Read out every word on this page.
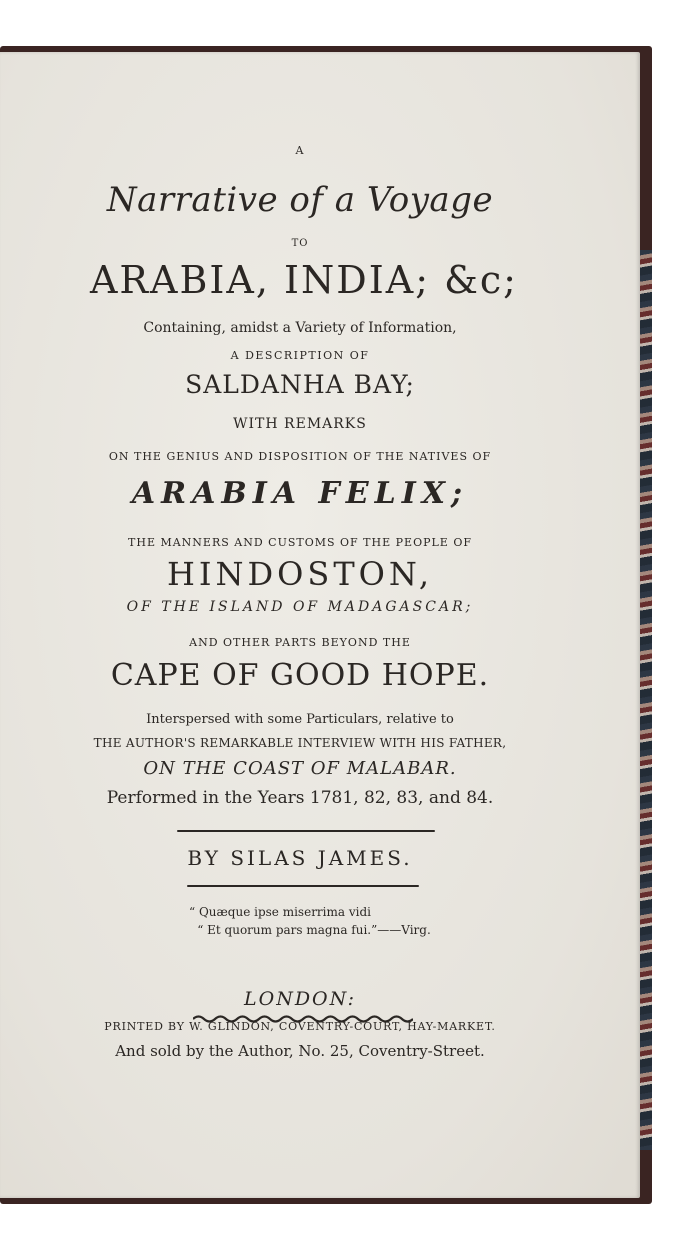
A
Narrative of a Voyage
TO
ARABIA, INDIA; &c;
Containing, amidst a Variety of Information,
A DESCRIPTION OF
SALDANHA BAY;
WITH REMARKS
ON THE GENIUS AND DISPOSITION OF THE NATIVES OF
ARABIA FELIX;
THE MANNERS AND CUSTOMS OF THE PEOPLE OF
HINDOSTON,
OF THE ISLAND OF MADAGASCAR;
AND OTHER PARTS BEYOND THE
CAPE OF GOOD HOPE.
Interspersed with some Particulars, relative to
THE AUTHOR'S REMARKABLE INTERVIEW WITH HIS FATHER,
ON THE COAST OF MALABAR.
Performed in the Years 1781, 82, 83, and 84.
BY SILAS JAMES.
“ Quæque ipse miserrima vidi
“ Et quorum pars magna fui.”——Virg.
LONDON:
PRINTED BY W. GLINDON, COVENTRY-COURT, HAY-MARKET.
And sold by the Author, No. 25, Coventry-Street.
